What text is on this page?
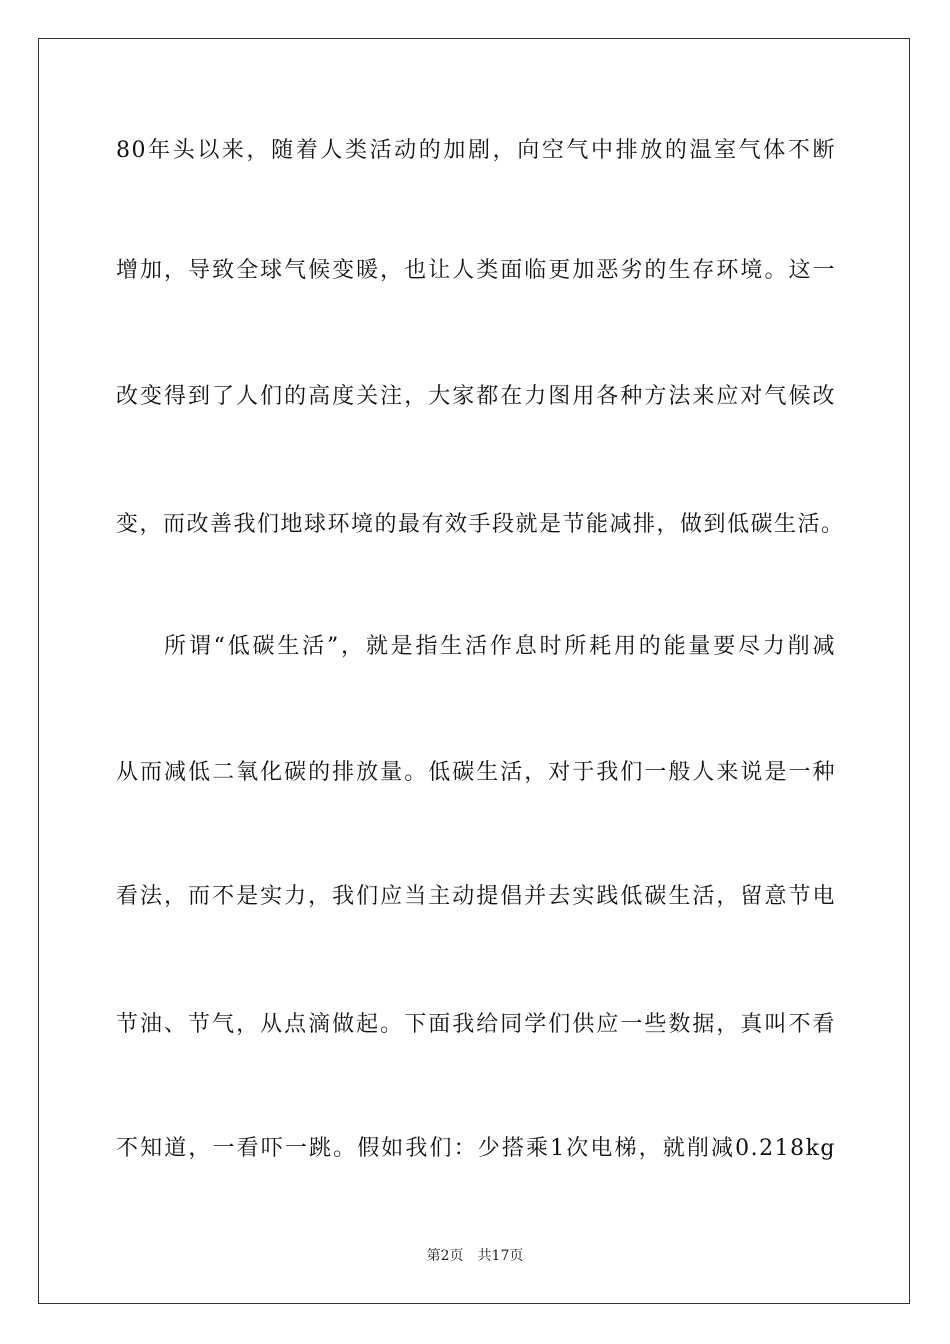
80年头以来，随着人类活动的加剧，向空气中排放的温室气体不断
增加，导致全球气候变暖，也让人类面临更加恶劣的生存环境。这一
改变得到了人们的高度关注，大家都在力图用各种方法来应对气候改
变，而改善我们地球环境的最有效手段就是节能减排，做到低碳生活。
所谓“低碳生活”，就是指生活作息时所耗用的能量要尽力削减
从而减低二氧化碳的排放量。低碳生活，对于我们一般人来说是一种
看法，而不是实力，我们应当主动提倡并去实践低碳生活，留意节电
节油、节气，从点滴做起。下面我给同学们供应一些数据，真叫不看
不知道，一看吓一跳。假如我们：少搭乘1次电梯，就削减0.218kg
第2页 共17页
